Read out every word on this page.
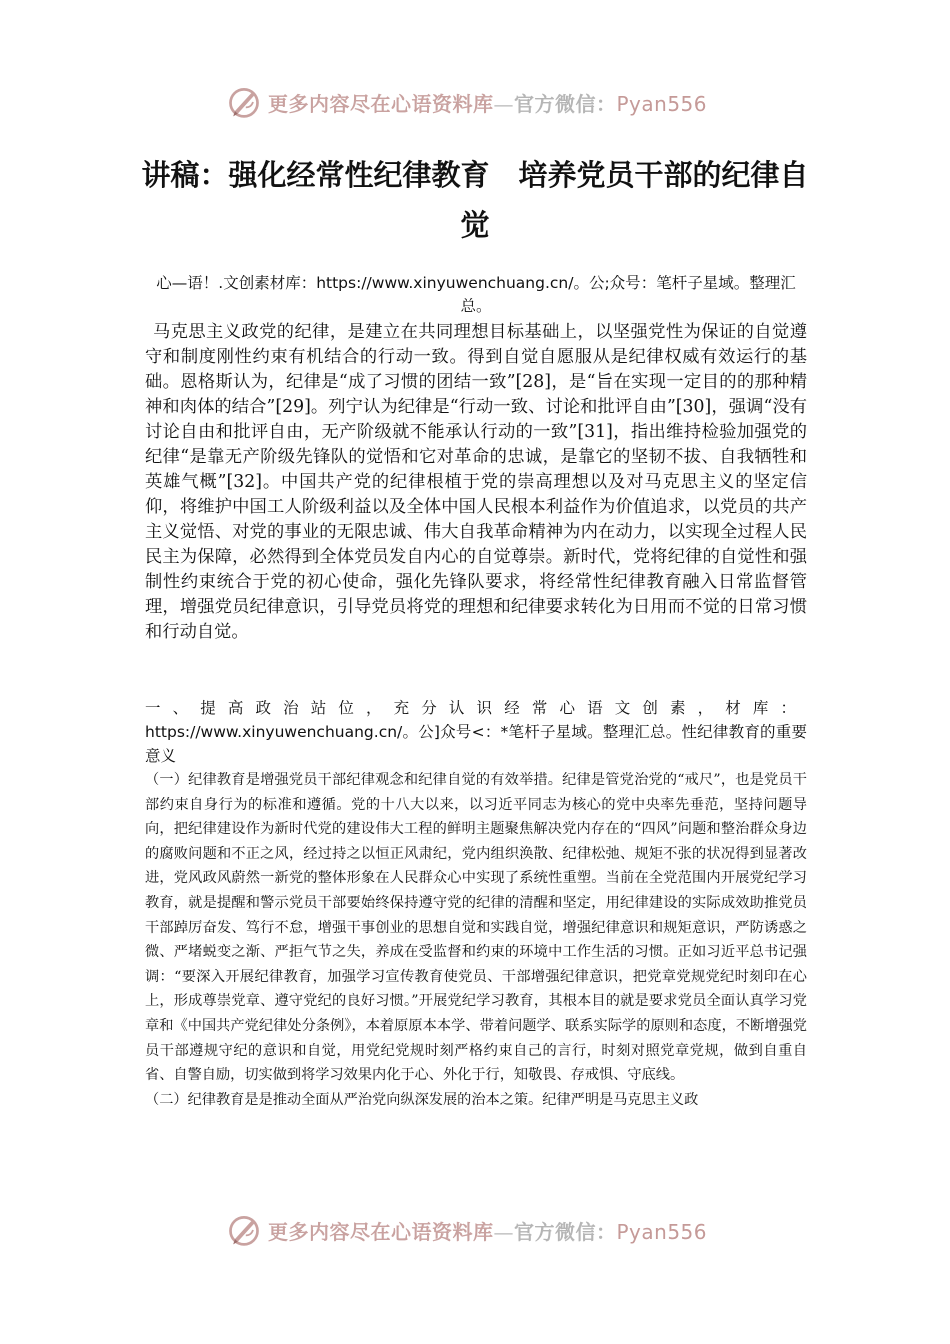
更多内容尽在心语资料库—官方微信：Pyan556
讲稿：强化经常性纪律教育　培养党员干部的纪律自觉
心—语！.文创素材库：https://www.xinyuwenchuang.cn/。公;众号：笔杆子星域。整理汇总。
马克思主义政党的纪律，是建立在共同理想目标基础上，以坚强党性为保证的自觉遵守和制度刚性约束有机结合的行动一致。得到自觉自愿服从是纪律权威有效运行的基础。恩格斯认为，纪律是“成了习惯的团结一致”[28]，是“旨在实现一定目的的那种精神和肉体的结合”[29]。列宁认为纪律是“行动一致、讨论和批评自由”[30]，强调“没有讨论自由和批评自由，无产阶级就不能承认行动的一致”[31]，指出维持检验加强党的纪律“是靠无产阶级先锋队的觉悟和它对革命的忠诚，是靠它的坚韧不拔、自我牺牲和英雄气概”[32]。中国共产党的纪律根植于党的崇高理想以及对马克思主义的坚定信仰，将维护中国工人阶级利益以及全体中国人民根本利益作为价值追求，以党员的共产主义觉悟、对党的事业的无限忠诚、伟大自我革命精神为内在动力，以实现全过程人民民主为保障，必然得到全体党员发自内心的自觉尊崇。新时代，党将纪律的自觉性和强制性约束统合于党的初心使命，强化先锋队要求，将经常性纪律教育融入日常监督管理，增强党员纪律意识，引导党员将党的理想和纪律要求转化为日用而不觉的日常习惯和行动自觉。
一、提高政治站位，充分认识经常心语文创素，材库：https://www.xinyuwenchuang.cn/。公]众号<：*笔杆子星域。整理汇总。性纪律教育的重要意义

（一）纪律教育是增强党员干部纪律观念和纪律自觉的有效举措。纪律是管党治党的“戒尺”，也是党员干部约束自身行为的标准和遵循。党的十八大以来，以习近平同志为核心的党中央率先垂范，坚持问题导向，把纪律建设作为新时代党的建设伟大工程的鲜明主题聚焦解决党内存在的“四风”问题和整治群众身边的腐败问题和不正之风，经过持之以恒正风肃纪，党内组织涣散、纪律松弛、规矩不张的状况得到显著改进，党风政风蔚然一新党的整体形象在人民群众心中实现了系统性重塑。当前在全党范围内开展党纪学习教育，就是提醒和警示党员干部要始终保持遵守党的纪律的清醒和坚定，用纪律建设的实际成效助推党员干部踔厉奋发、笃行不怠，增强干事创业的思想自觉和实践自觉，增强纪律意识和规矩意识，严防诱惑之微、严堵蜕变之渐、严拒气节之失，养成在受监督和约束的环境中工作生活的习惯。正如习近平总书记强调：“要深入开展纪律教育，加强学习宣传教育使党员、干部增强纪律意识，把党章党规党纪时刻印在心上，形成尊崇党章、遵守党纪的良好习惯。”开展党纪学习教育，其根本目的就是要求党员全面认真学习党章和《中国共产党纪律处分条例》，本着原原本本学、带着问题学、联系实际学的原则和态度，不断增强党员干部遵规守纪的意识和自觉，用党纪党规时刻严格约束自己的言行，时刻对照党章党规，做到自重自省、自警自励，切实做到将学习效果内化于心、外化于行，知敬畏、存戒惧、守底线。

（二）纪律教育是是推动全面从严治党向纵深发展的治本之策。纪律严明是马克思主义政

更多内容尽在心语资料库—官方微信：Pyan556
